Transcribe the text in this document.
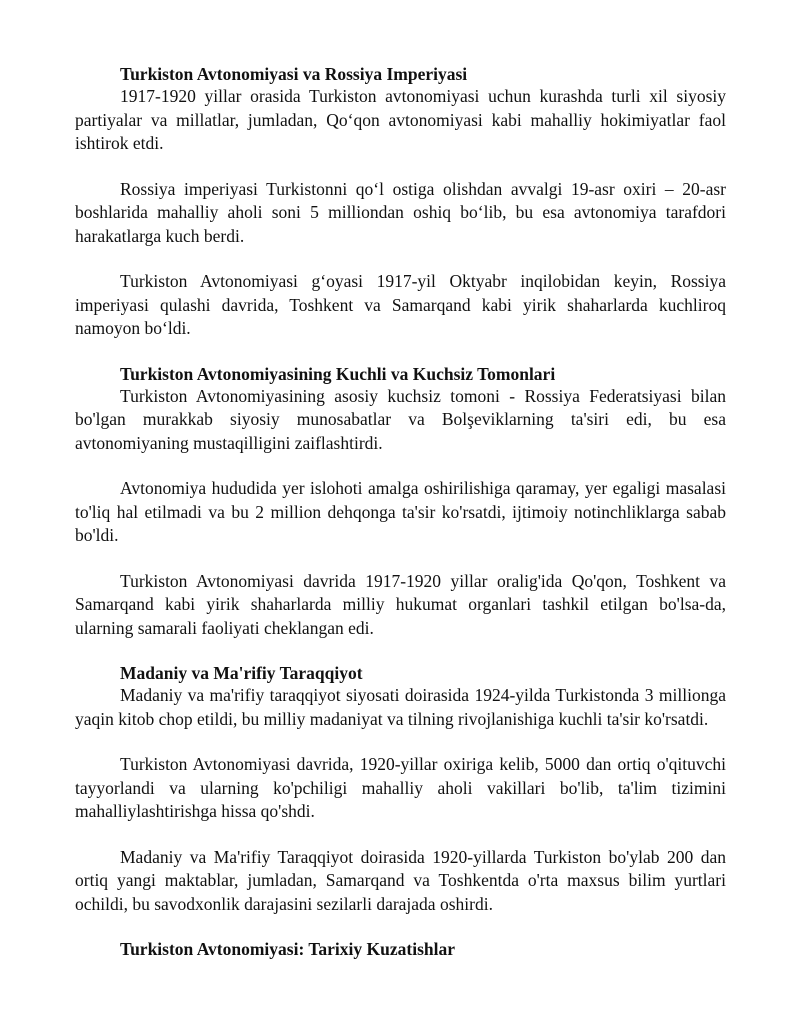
Turkiston Avtonomiyasi va Rossiya Imperiyasi

1917-1920 yillar orasida Turkiston avtonomiyasi uchun kurashda turli xil siyosiy partiyalar va millatlar, jumladan, Qo‘qon avtonomiyasi kabi mahalliy hokimiyatlar faol ishtirok etdi.

Rossiya imperiyasi Turkistonni qo‘l ostiga olishdan avvalgi 19-asr oxiri – 20-asr boshlarida mahalliy aholi soni 5 milliondan oshiq bo‘lib, bu esa avtonomiya tarafdori harakatlarga kuch berdi.

Turkiston Avtonomiyasi g‘oyasi 1917-yil Oktyabr inqilobidan keyin, Rossiya imperiyasi qulashi davrida, Toshkent va Samarqand kabi yirik shaharlarda kuchliroq namoyon bo‘ldi.

Turkiston Avtonomiyasining Kuchli va Kuchsiz Tomonlari

Turkiston Avtonomiyasining asosiy kuchsiz tomoni - Rossiya Federatsiyasi bilan bo'lgan murakkab siyosiy munosabatlar va Bolşeviklarning ta'siri edi, bu esa avtonomiyaning mustaqilligini zaiflashtirdi.

Avtonomiya hududida yer islohoti amalga oshirilishiga qaramay, yer egaligi masalasi to'liq hal etilmadi va bu 2 million dehqonga ta'sir ko'rsatdi, ijtimoiy notinchliklarga sabab bo'ldi.

Turkiston Avtonomiyasi davrida 1917-1920 yillar oralig'ida Qo'qon, Toshkent va Samarqand kabi yirik shaharlarda milliy hukumat organlari tashkil etilgan bo'lsa-da, ularning samarali faoliyati cheklangan edi.

Madaniy va Ma'rifiy Taraqqiyot

Madaniy va ma'rifiy taraqqiyot siyosati doirasida 1924-yilda Turkistonda 3 millionga yaqin kitob chop etildi, bu milliy madaniyat va tilning rivojlanishiga kuchli ta'sir ko'rsatdi.

Turkiston Avtonomiyasi davrida, 1920-yillar oxiriga kelib, 5000 dan ortiq o'qituvchi tayyorlandi va ularning ko'pchiligi mahalliy aholi vakillari bo'lib, ta'lim tizimini mahalliylashtirishga hissa qo'shdi.

Madaniy va Ma'rifiy Taraqqiyot doirasida 1920-yillarda Turkiston bo'ylab 200 dan ortiq yangi maktablar, jumladan, Samarqand va Toshkentda o'rta maxsus bilim yurtlari ochildi, bu savodxonlik darajasini sezilarli darajada oshirdi.

Turkiston Avtonomiyasi: Tarixiy Kuzatishlar
